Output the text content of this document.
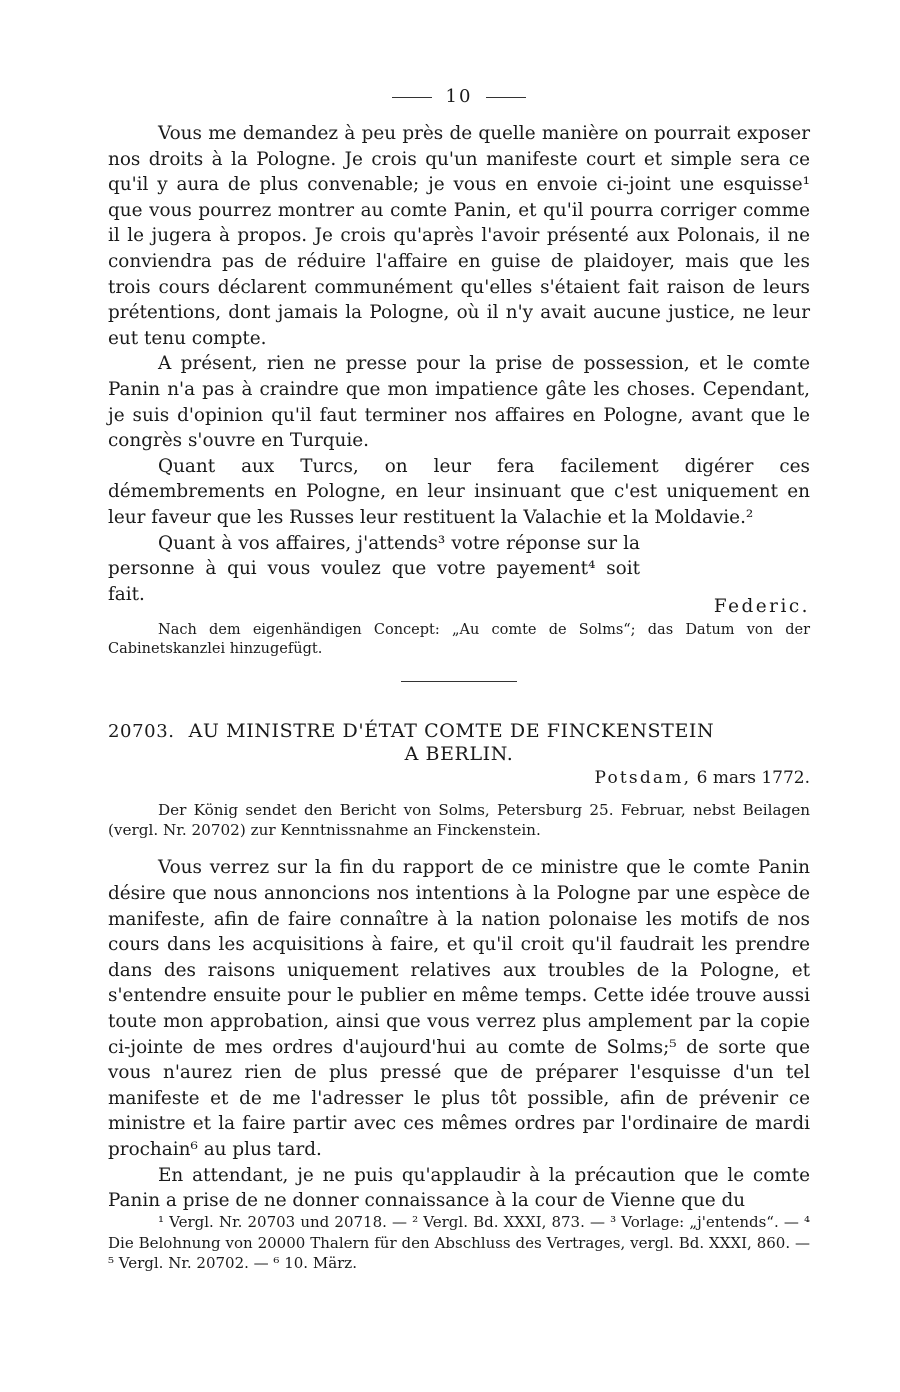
10

Vous me demandez à peu près de quelle manière on pourrait exposer nos droits à la Pologne. Je crois qu'un manifeste court et simple sera ce qu'il y aura de plus convenable; je vous en envoie ci-joint une esquisse¹ que vous pourrez montrer au comte Panin, et qu'il pourra corriger comme il le jugera à propos. Je crois qu'après l'avoir présenté aux Polonais, il ne conviendra pas de réduire l'affaire en guise de plaidoyer, mais que les trois cours déclarent communément qu'elles s'étaient fait raison de leurs prétentions, dont jamais la Pologne, où il n'y avait aucune justice, ne leur eut tenu compte.

A présent, rien ne presse pour la prise de possession, et le comte Panin n'a pas à craindre que mon impatience gâte les choses. Cependant, je suis d'opinion qu'il faut terminer nos affaires en Pologne, avant que le congrès s'ouvre en Turquie.

Quant aux Turcs, on leur fera facilement digérer ces démembrements en Pologne, en leur insinuant que c'est uniquement en leur faveur que les Russes leur restituent la Valachie et la Moldavie.²

Quant à vos affaires, j'attends³ votre réponse sur la personne à qui vous voulez que votre payement⁴ soit fait.

Federic.
Nach dem eigenhändigen Concept: „Au comte de Solms“; das Datum von der Cabinetskanzlei hinzugefügt.
20703. AU MINISTRE D'ÉTAT COMTE DE FINCKENSTEIN
A BERLIN.
Potsdam, 6 mars 1772.

Der König sendet den Bericht von Solms, Petersburg 25. Februar, nebst Beilagen (vergl. Nr. 20702) zur Kenntnissnahme an Finckenstein.

Vous verrez sur la fin du rapport de ce ministre que le comte Panin désire que nous annoncions nos intentions à la Pologne par une espèce de manifeste, afin de faire connaître à la nation polonaise les motifs de nos cours dans les acquisitions à faire, et qu'il croit qu'il faudrait les prendre dans des raisons uniquement relatives aux troubles de la Pologne, et s'entendre ensuite pour le publier en même temps. Cette idée trouve aussi toute mon approbation, ainsi que vous verrez plus amplement par la copie ci-jointe de mes ordres d'aujourd'hui au comte de Solms;⁵ de sorte que vous n'aurez rien de plus pressé que de préparer l'esquisse d'un tel manifeste et de me l'adresser le plus tôt possible, afin de prévenir ce ministre et la faire partir avec ces mêmes ordres par l'ordinaire de mardi prochain⁶ au plus tard.

En attendant, je ne puis qu'applaudir à la précaution que le comte Panin a prise de ne donner connaissance à la cour de Vienne que du

¹ Vergl. Nr. 20703 und 20718. — ² Vergl. Bd. XXXI, 873. — ³ Vorlage: „j'entends“. — ⁴ Die Belohnung von 20000 Thalern für den Abschluss des Vertrages, vergl. Bd. XXXI, 860. — ⁵ Vergl. Nr. 20702. — ⁶ 10. März.
